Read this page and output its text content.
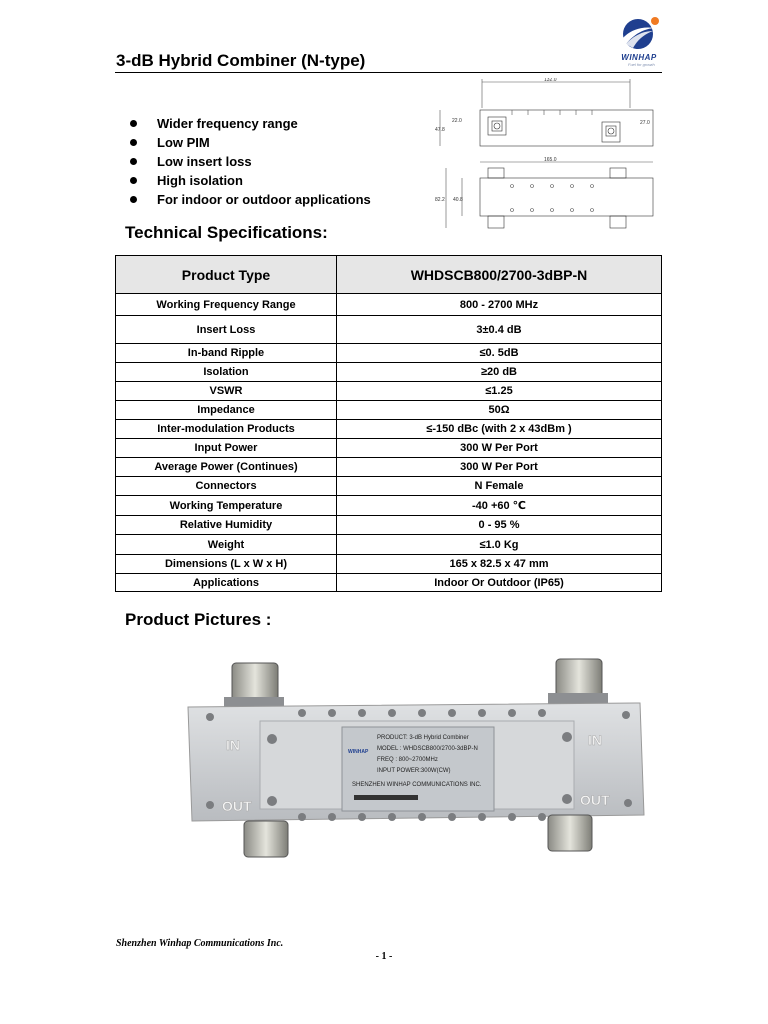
WINHAP
Fuel for growth
3-dB Hybrid Combiner (N-type)
Wider frequency range
Low PIM
Low insert loss
High isolation
For indoor or outdoor applications
132.0
47.8
22.0	27.0
165.0
82.2 40.8
Technical Specifications:
Product Type	WHDSCB800/2700-3dBP-N
Working Frequency Range	800 - 2700 MHz
Insert Loss	3±0.4 dB
In-band Ripple	≤0. 5dB
Isolation	≥20 dB
VSWR	≤1.25
Impedance	50Ω
Inter-modulation Products	≤-150 dBc (with 2 x 43dBm )
Input Power	300 W Per Port
Average Power (Continues)	300 W Per Port
Connectors	N Female
Working Temperature	-40 +60 ℃
Relative Humidity	0 - 95 %
Weight	≤1.0 Kg
Dimensions (L x W x H)	165 x 82.5 x 47 mm
Applications	Indoor Or Outdoor (IP65)
Product Pictures :
IN
OUT
IN
OUT
WINHAP
PRODUCT: 3-dB Hybrid Combiner
MODEL : WHDSCB800/2700-3dBP-N
FREQ : 800~2700MHz
INPUT POWER:300W(CW)
SHENZHEN WINHAP COMMUNICATIONS INC.
Shenzhen Winhap Communications Inc.
- 1 -
